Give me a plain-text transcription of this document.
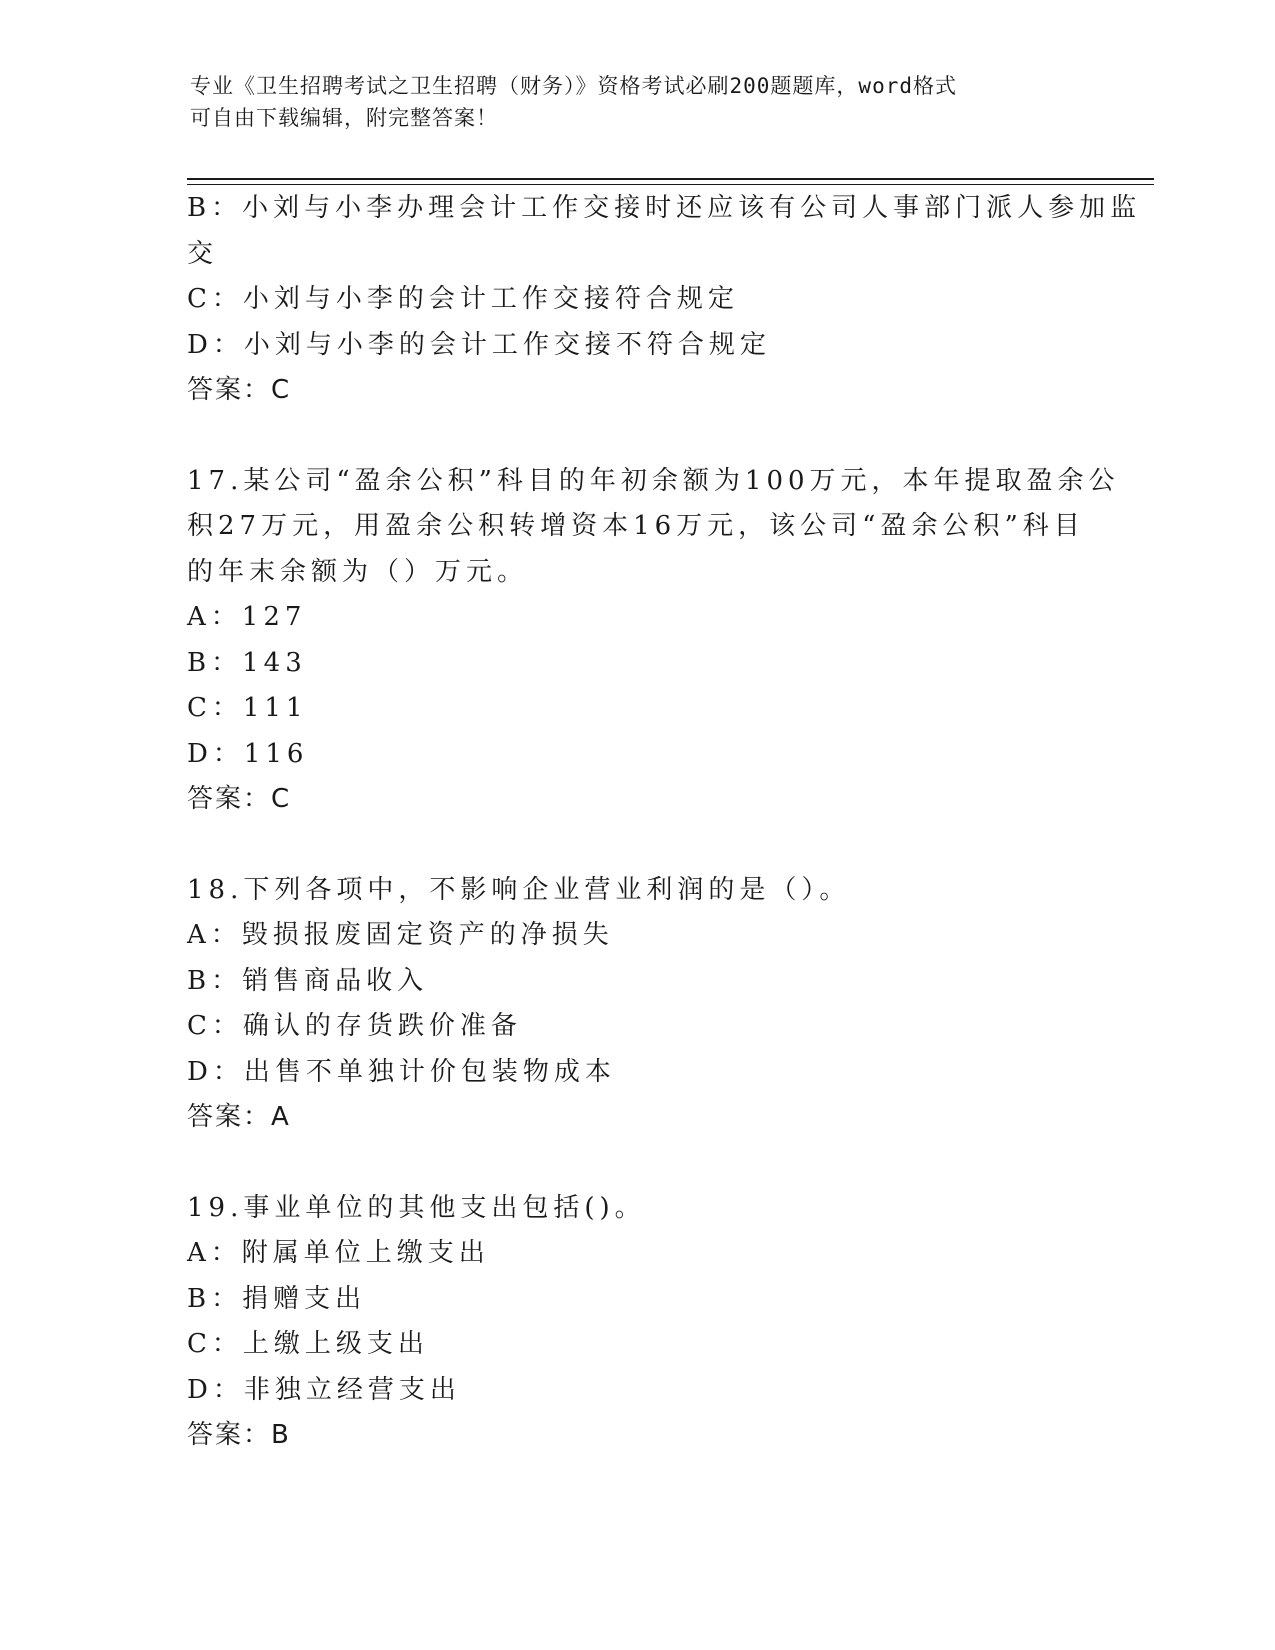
专业《卫生招聘考试之卫生招聘（财务）》资格考试必刷200题题库，word格式
可自由下载编辑，附完整答案！
B：小刘与小李办理会计工作交接时还应该有公司人事部门派人参加监
交
C：小刘与小李的会计工作交接符合规定
D：小刘与小李的会计工作交接不符合规定
答案：C
17.某公司“盈余公积”科目的年初余额为100万元，本年提取盈余公
积27万元，用盈余公积转增资本16万元，该公司“盈余公积”科目
的年末余额为（）万元。
A：127
B：143
C：111
D：116
答案：C
18.下列各项中，不影响企业营业利润的是（）。
A：毁损报废固定资产的净损失
B：销售商品收入
C：确认的存货跌价准备
D：出售不单独计价包装物成本
答案：A
19.事业单位的其他支出包括()。
A：附属单位上缴支出
B：捐赠支出
C：上缴上级支出
D：非独立经营支出
答案：B
